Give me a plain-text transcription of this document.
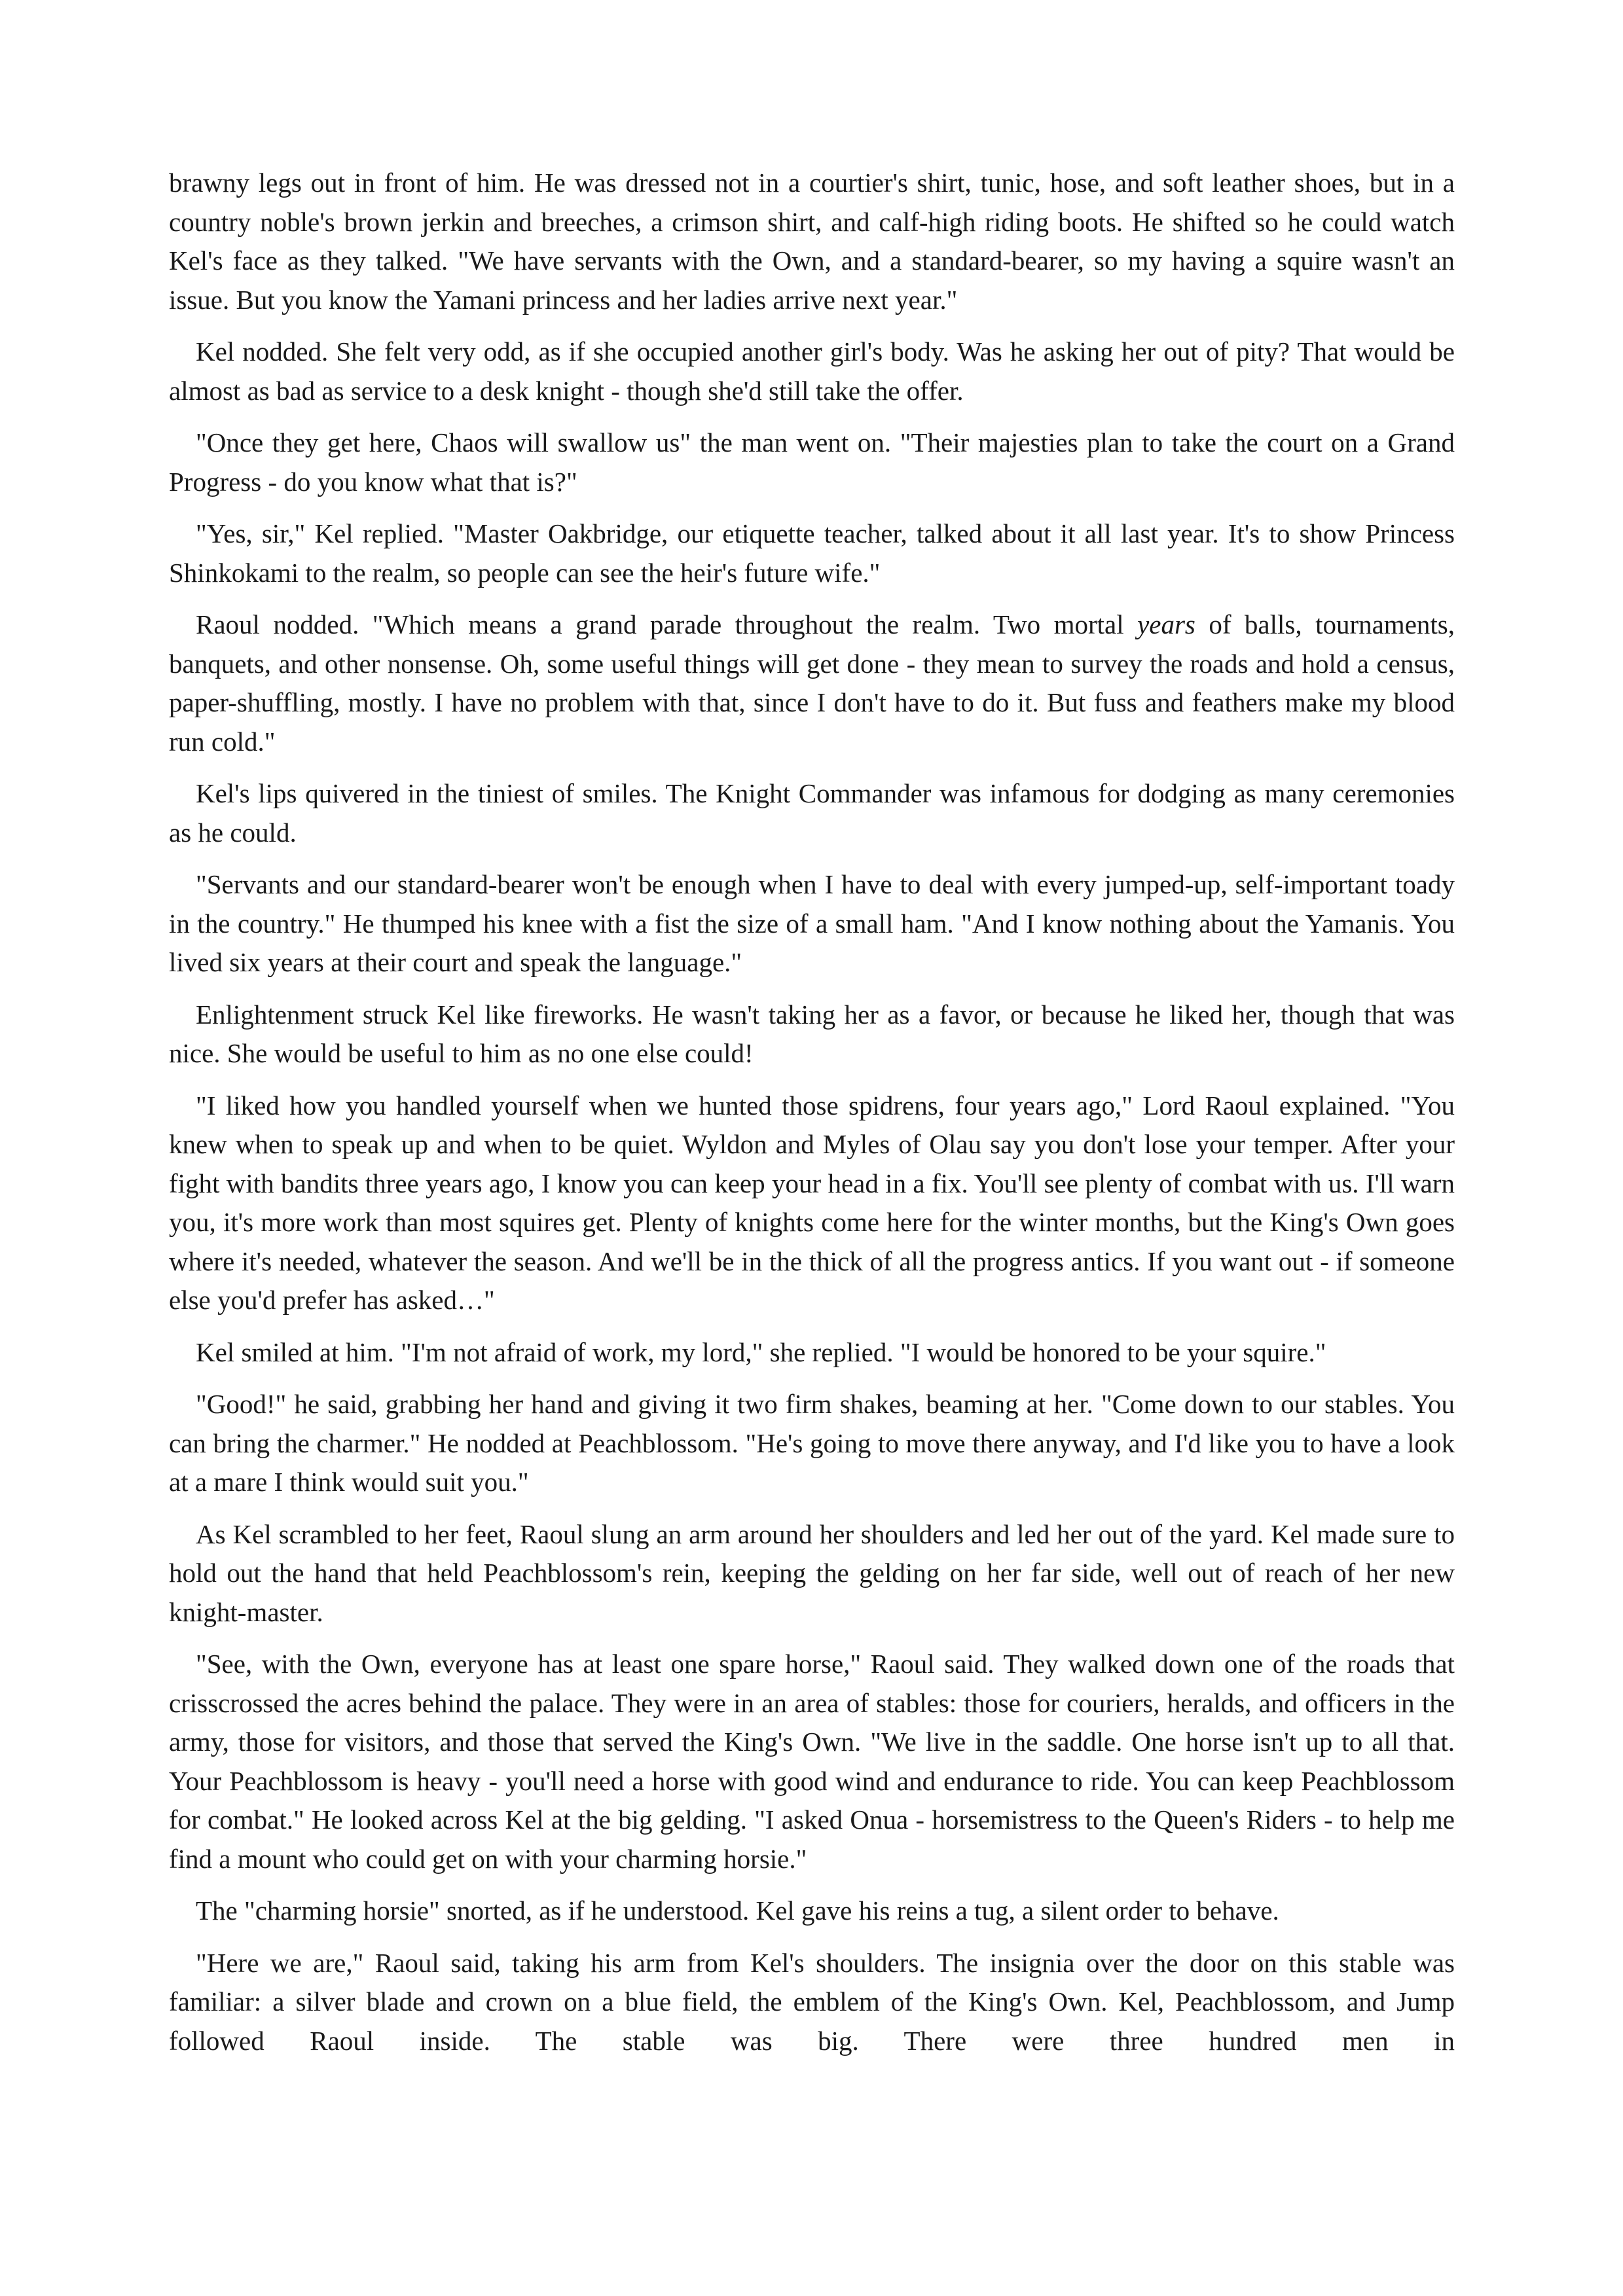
brawny legs out in front of him. He was dressed not in a courtier's shirt, tunic, hose, and soft leather shoes, but in a country noble's brown jerkin and breeches, a crimson shirt, and calf-high riding boots. He shifted so he could watch Kel's face as they talked. "We have servants with the Own, and a standard-bearer, so my having a squire wasn't an issue. But you know the Yamani princess and her ladies arrive next year."

Kel nodded. She felt very odd, as if she occupied another girl's body. Was he asking her out of pity? That would be almost as bad as service to a desk knight - though she'd still take the offer.

"Once they get here, Chaos will swallow us" the man went on. "Their majesties plan to take the court on a Grand Progress - do you know what that is?"

"Yes, sir," Kel replied. "Master Oakbridge, our etiquette teacher, talked about it all last year. It's to show Princess Shinkokami to the realm, so people can see the heir's future wife."

Raoul nodded. "Which means a grand parade throughout the realm. Two mortal years of balls, tournaments, banquets, and other nonsense. Oh, some useful things will get done - they mean to survey the roads and hold a census, paper-shuffling, mostly. I have no problem with that, since I don't have to do it. But fuss and feathers make my blood run cold."

Kel's lips quivered in the tiniest of smiles. The Knight Commander was infamous for dodging as many ceremonies as he could.

"Servants and our standard-bearer won't be enough when I have to deal with every jumped-up, self-important toady in the country." He thumped his knee with a fist the size of a small ham. "And I know nothing about the Yamanis. You lived six years at their court and speak the language."

Enlightenment struck Kel like fireworks. He wasn't taking her as a favor, or because he liked her, though that was nice. She would be useful to him as no one else could!

"I liked how you handled yourself when we hunted those spidrens, four years ago," Lord Raoul explained. "You knew when to speak up and when to be quiet. Wyldon and Myles of Olau say you don't lose your temper. After your fight with bandits three years ago, I know you can keep your head in a fix. You'll see plenty of combat with us. I'll warn you, it's more work than most squires get. Plenty of knights come here for the winter months, but the King's Own goes where it's needed, whatever the season. And we'll be in the thick of all the progress antics. If you want out - if someone else you'd prefer has asked…"

Kel smiled at him. "I'm not afraid of work, my lord," she replied. "I would be honored to be your squire."

"Good!" he said, grabbing her hand and giving it two firm shakes, beaming at her. "Come down to our stables. You can bring the charmer." He nodded at Peachblossom. "He's going to move there anyway, and I'd like you to have a look at a mare I think would suit you."

As Kel scrambled to her feet, Raoul slung an arm around her shoulders and led her out of the yard. Kel made sure to hold out the hand that held Peachblossom's rein, keeping the gelding on her far side, well out of reach of her new knight-master.

"See, with the Own, everyone has at least one spare horse," Raoul said. They walked down one of the roads that crisscrossed the acres behind the palace. They were in an area of stables: those for couriers, heralds, and officers in the army, those for visitors, and those that served the King's Own. "We live in the saddle. One horse isn't up to all that. Your Peachblossom is heavy - you'll need a horse with good wind and endurance to ride. You can keep Peachblossom for combat." He looked across Kel at the big gelding. "I asked Onua - horsemistress to the Queen's Riders - to help me find a mount who could get on with your charming horsie."

The "charming horsie" snorted, as if he understood. Kel gave his reins a tug, a silent order to behave.

"Here we are," Raoul said, taking his arm from Kel's shoulders. The insignia over the door on this stable was familiar: a silver blade and crown on a blue field, the emblem of the King's Own. Kel, Peachblossom, and Jump followed Raoul inside. The stable was big. There were three hundred men in
